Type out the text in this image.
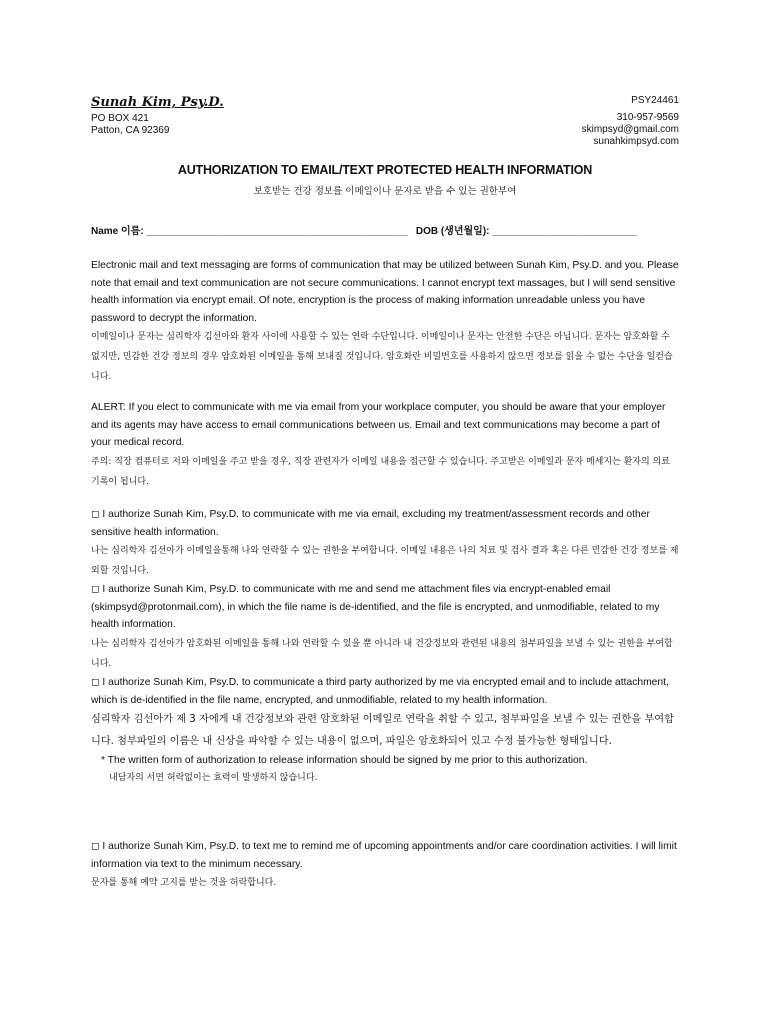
Sunah Kim, Psy.D.
PO BOX 421
Patton, CA 92369
PSY24461
310-957-9569
skimpsyd@gmail.com
sunahkimpsyd.com
AUTHORIZATION TO EMAIL/TEXT PROTECTED HEALTH INFORMATION
보호받는 건강 정보를 이메일이나 문자로 받을 수 있는 권한부여
Name 이름: _______________________________________________ DOB (생년월일): __________________________

Electronic mail and text messaging are forms of communication that may be utilized between Sunah Kim, Psy.D. and you. Please note that email and text communication are not secure communications. I cannot encrypt text massages, but I will send sensitive health information via encrypt email. Of note, encryption is the process of making information unreadable unless you have password to decrypt the information.

이메일이나 문자는 심리학자 김선아와 환자 사이에 사용할 수 있는 연락 수단입니다. 이메일이나 문자는 안전한 수단은 아닙니다. 문자는 암호화할 수 없지만, 민감한 건강 정보의 경우 암호화된 이메일을 통해 보내질 것입니다. 암호화란 비밀번호를 사용하지 않으면 정보를 읽을 수 없는 수단을 일컫습니다.

ALERT: If you elect to communicate with me via email from your workplace computer, you should be aware that your employer and its agents may have access to email communications between us. Email and text communications may become a part of your medical record.

주의: 직장 컴퓨터로 저와 이메일을 주고 받을 경우, 직장 관련자가 이메일 내용을 접근할 수 있습니다. 주고받은 이메일과 문자 메세지는 환자의 의료 기록이 됩니다.

◻ I authorize Sunah Kim, Psy.D. to communicate with me via email, excluding my treatment/assessment records and other sensitive health information.

나는 심리학자 김선아가 이메일을통해 나와 연락할 수 있는 권한을 부여합니다. 이메일 내용은 나의 치료 및 검사 결과 혹은 다른 민감한 건강 정보를 제외할 것입니다.

◻ I authorize Sunah Kim, Psy.D. to communicate with me and send me attachment files via encrypt-enabled email (skimpsyd@protonmail.com), in which the file name is de-identified, and the file is encrypted, and unmodifiable, related to my health information.

나는 심리학자 김선아가 암호화된 이메일을 통해 나와 연락할 수 있을 뿐 아니라 내 건강정보와 관련된 내용의 첨부파일을 보낼 수 있는 권한을 부여합니다.

◻ I authorize Sunah Kim, Psy.D. to communicate a third party authorized by me via encrypted email and to include attachment, which is de-identified in the file name, encrypted, and unmodifiable, related to my health information.

심리학자 김선아가 제 3 자에게 내 건강정보와 관련 암호화된 이메일로 연락을 취할 수 있고, 첨부파일을 보낼 수 있는 권한을 부여합니다. 첨부파일의 이름은 내 신상을 파악할 수 있는 내용이 없으며, 파일은 암호화되어 있고 수정 불가능한 형태입니다.

* The written form of authorization to release information should be signed by me prior to this authorization.
내담자의 서면 허락없이는 효력이 발생하지 않습니다.

◻ I authorize Sunah Kim, Psy.D. to text me to remind me of upcoming appointments and/or care coordination activities. I will limit information via text to the minimum necessary.

문자를 통해 예약 고지를 받는 것을 허락합니다.
